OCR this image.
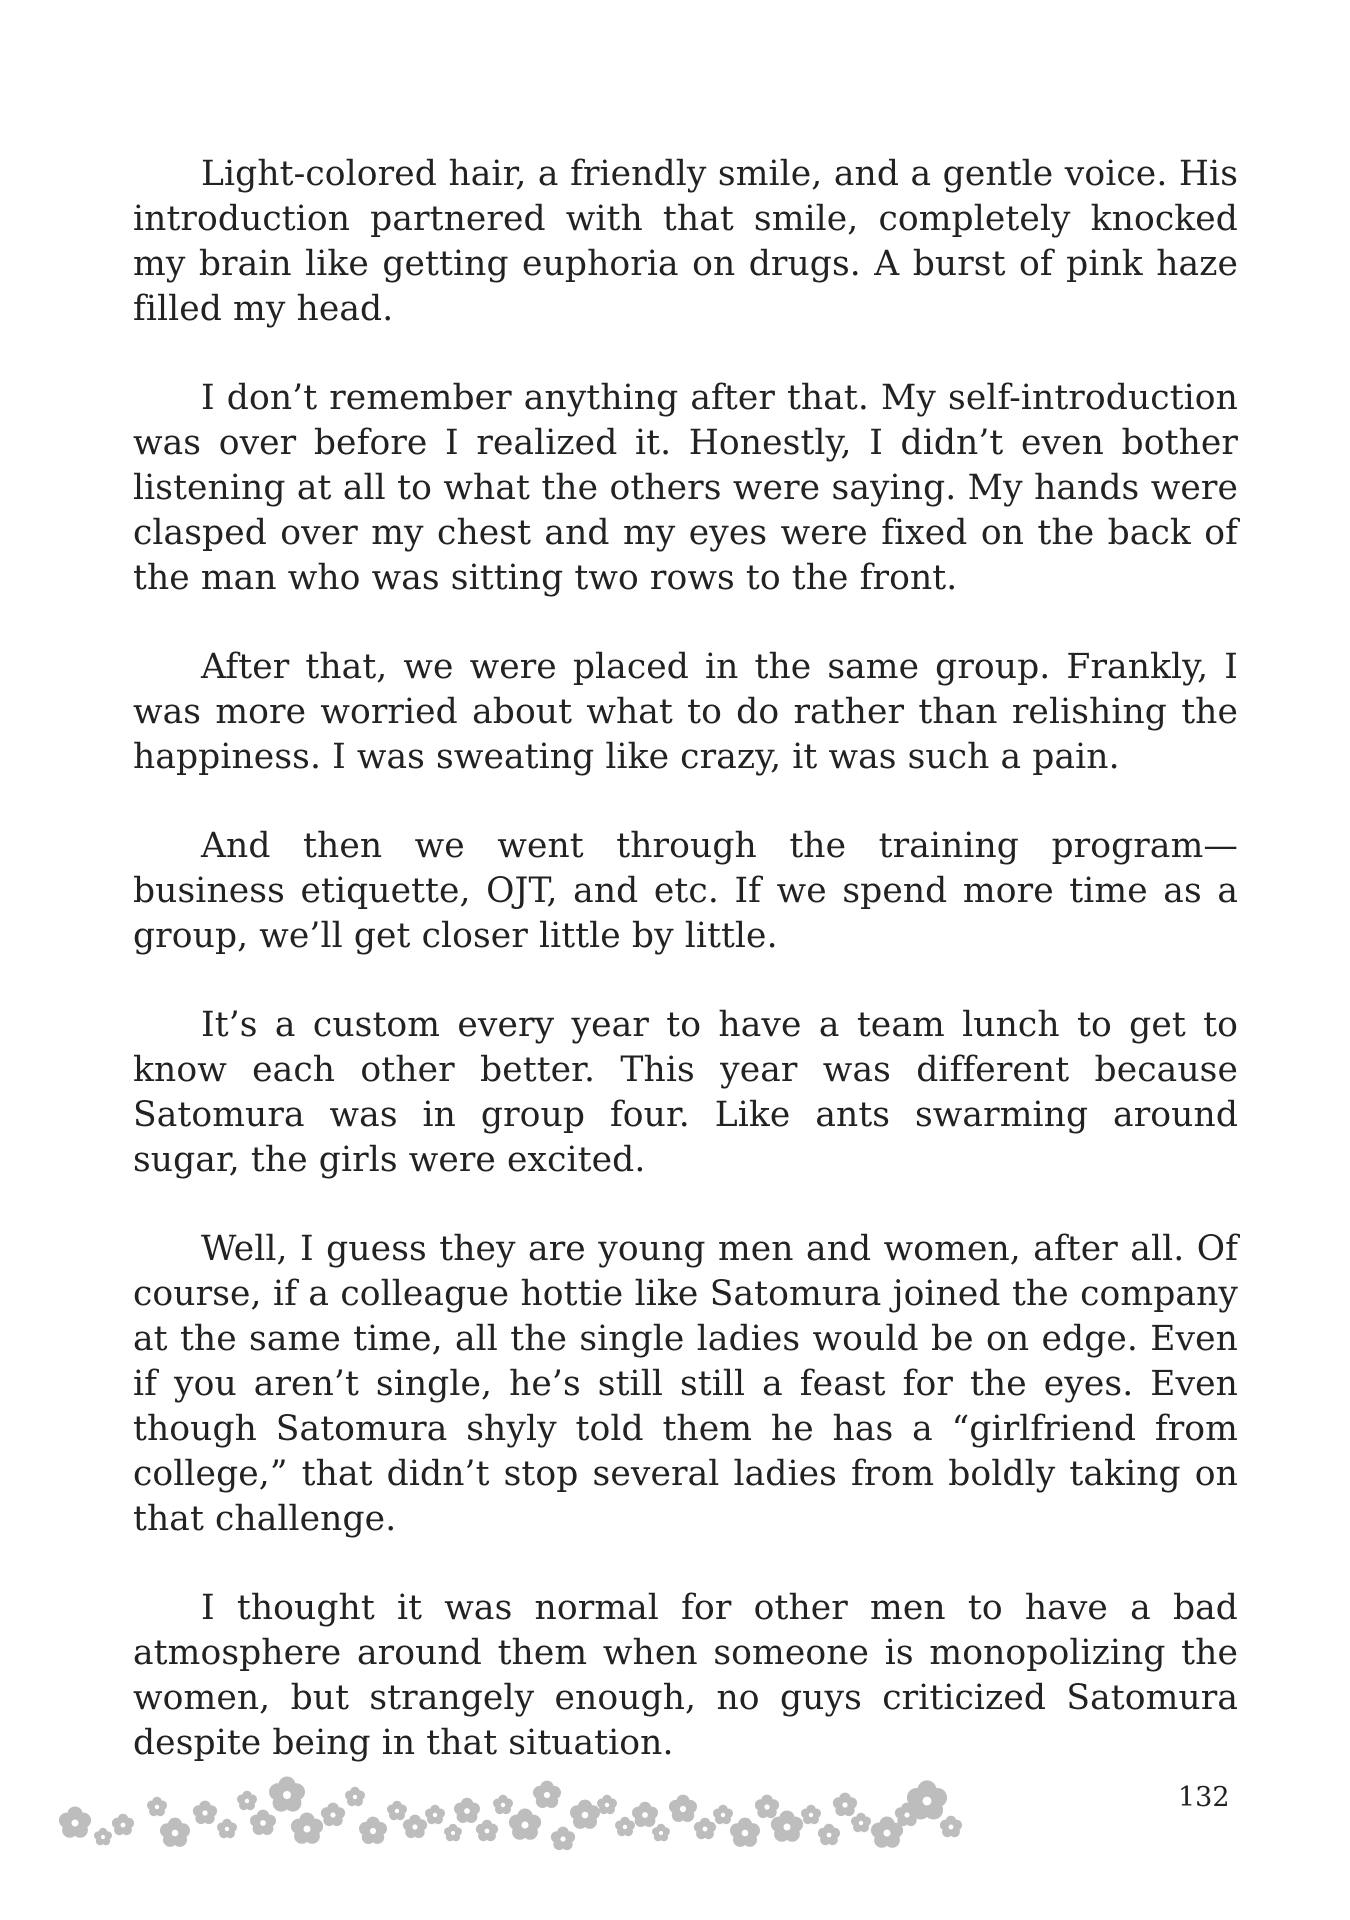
Light-colored hair, a friendly smile, and a gentle voice. His introduction partnered with that smile, completely knocked my brain like getting euphoria on drugs. A burst of pink haze filled my head.

I don’t remember anything after that. My self-introduction was over before I realized it. Honestly, I didn’t even bother listening at all to what the others were saying. My hands were clasped over my chest and my eyes were fixed on the back of the man who was sitting two rows to the front.

After that, we were placed in the same group. Frankly, I was more worried about what to do rather than relishing the happiness. I was sweating like crazy, it was such a pain.

And then we went through the training program—business etiquette, OJT, and etc. If we spend more time as a group, we’ll get closer little by little.

It’s a custom every year to have a team lunch to get to know each other better. This year was different because Satomura was in group four. Like ants swarming around sugar, the girls were excited.

Well, I guess they are young men and women, after all. Of course, if a colleague hottie like Satomura joined the company at the same time, all the single ladies would be on edge. Even if you aren’t single, he’s still still a feast for the eyes. Even though Satomura shyly told them he has a “girlfriend from college,” that didn’t stop several ladies from boldly taking on that challenge.

I thought it was normal for other men to have a bad atmosphere around them when someone is monopolizing the women, but strangely enough, no guys criticized Satomura despite being in that situation.

132
